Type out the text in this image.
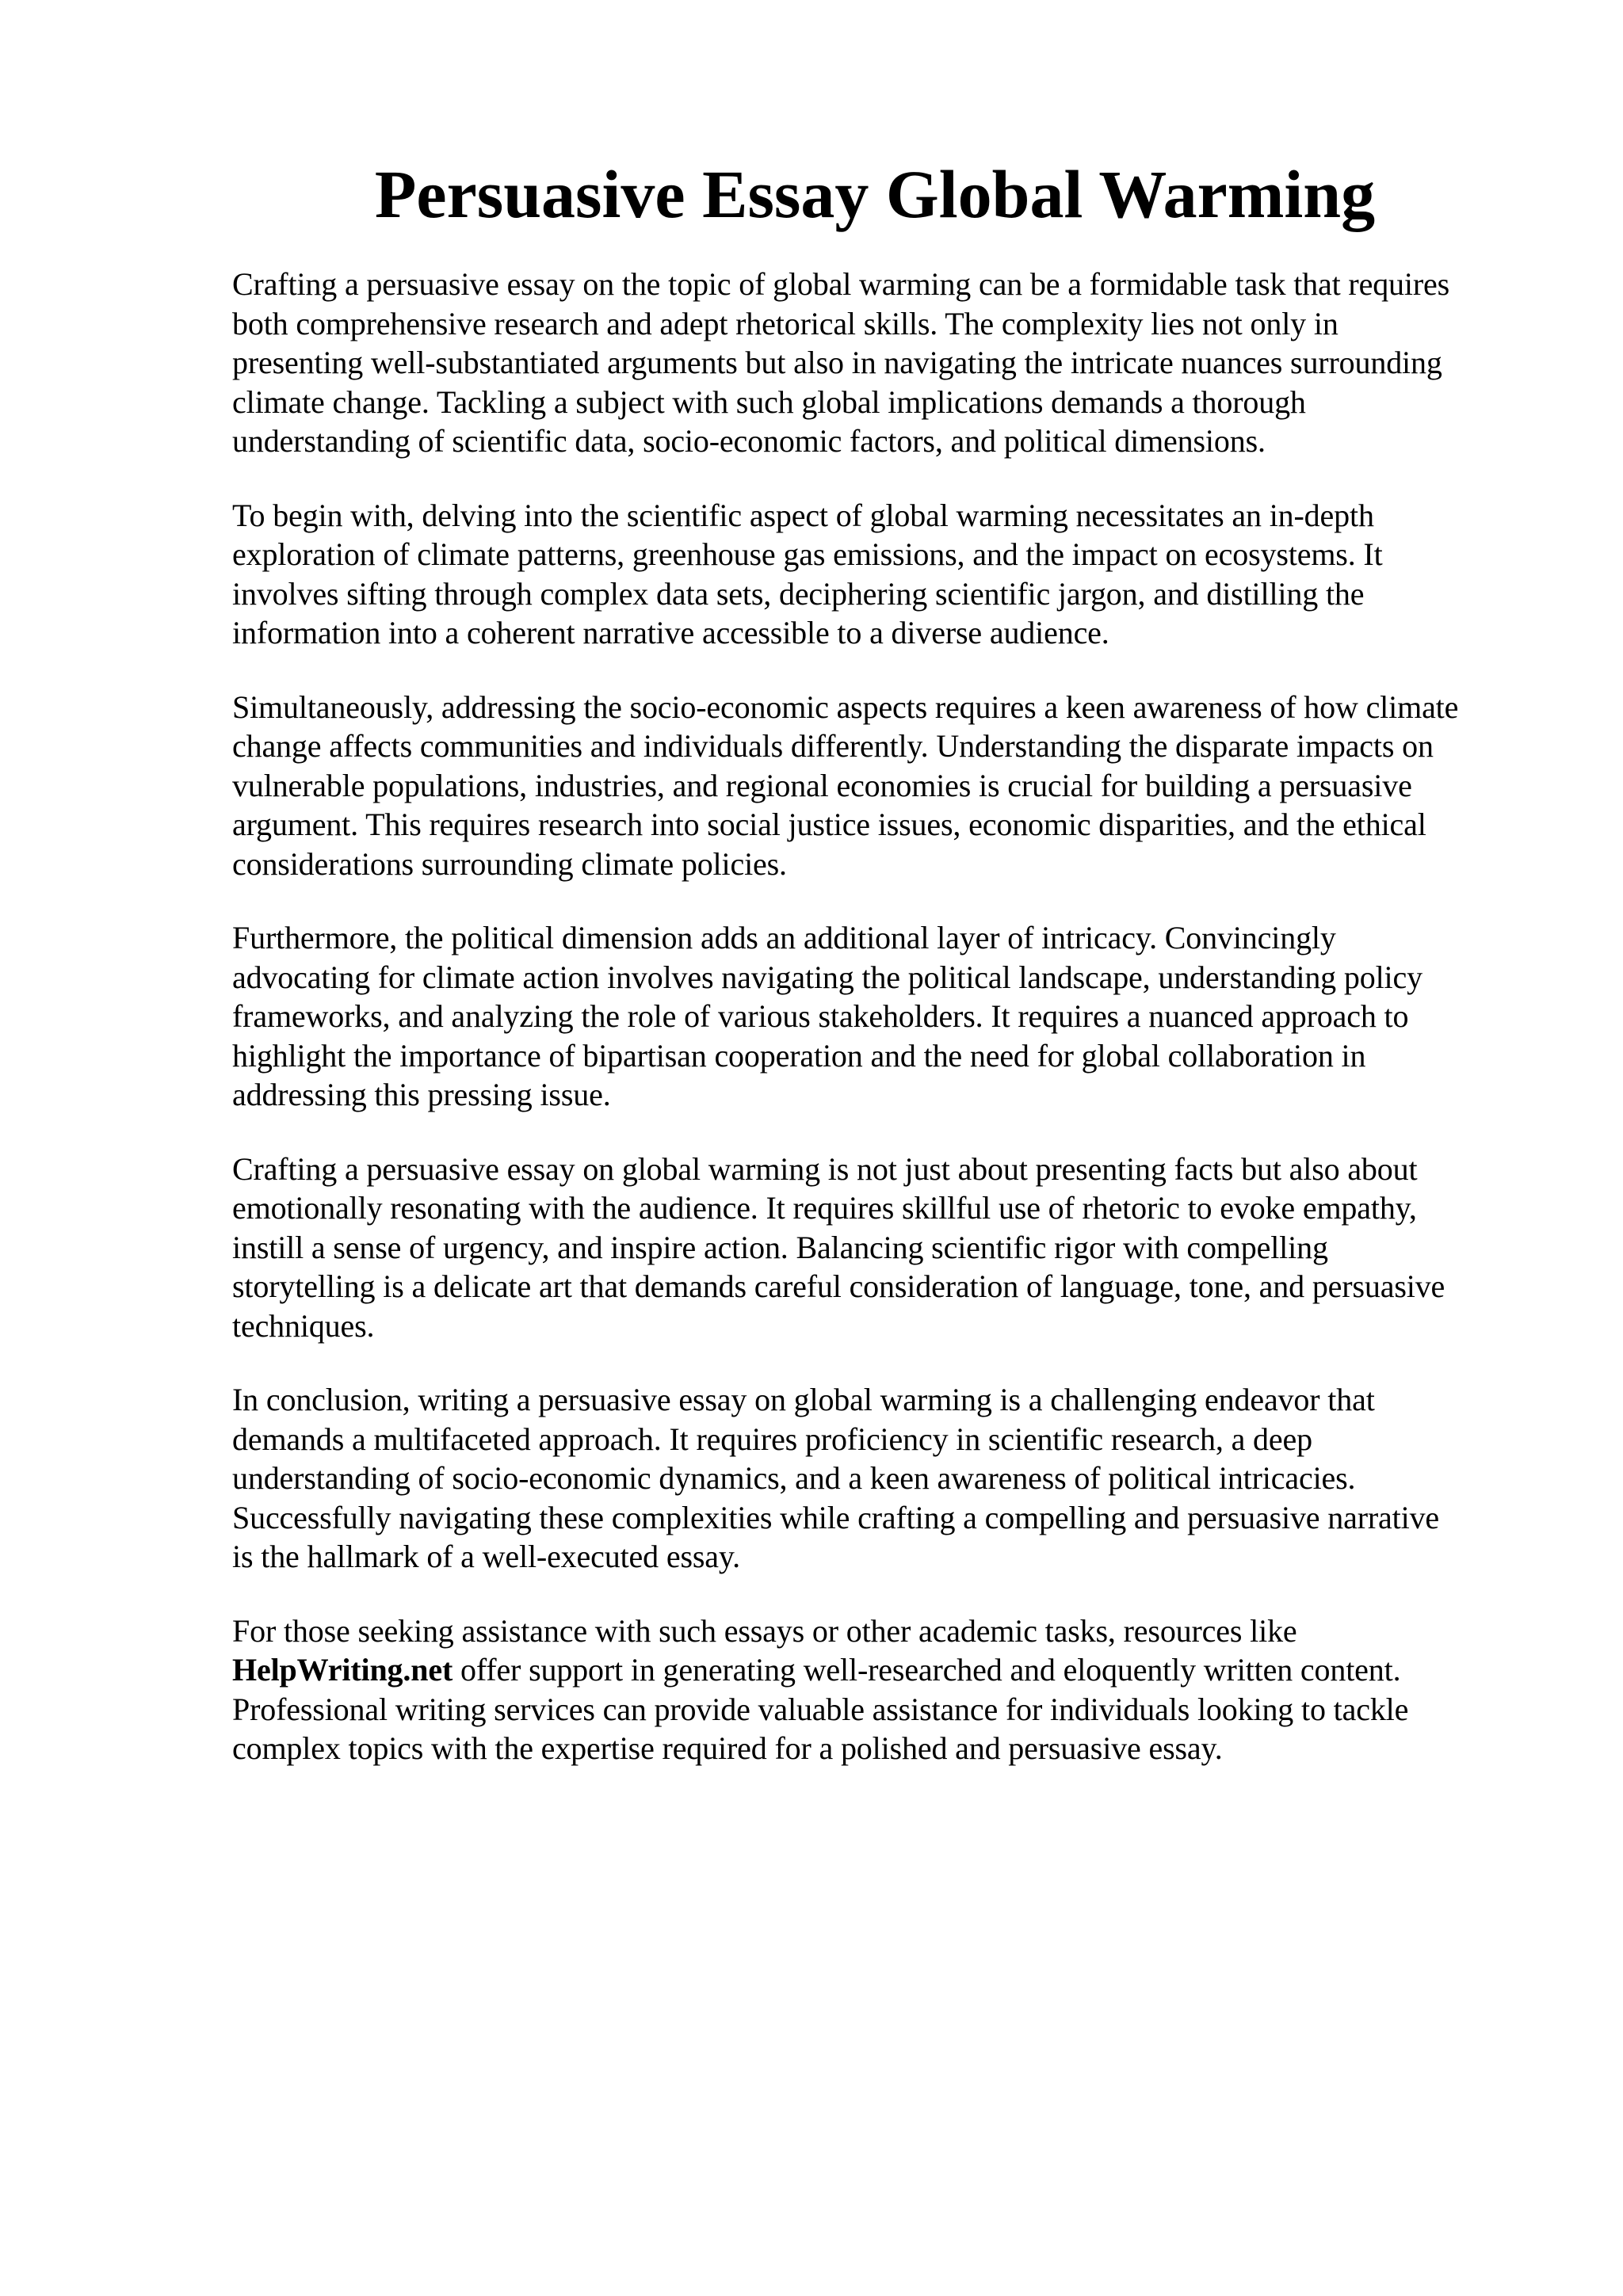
Persuasive Essay Global Warming

Crafting a persuasive essay on the topic of global warming can be a formidable task that requires
both comprehensive research and adept rhetorical skills. The complexity lies not only in
presenting well-substantiated arguments but also in navigating the intricate nuances surrounding
climate change. Tackling a subject with such global implications demands a thorough
understanding of scientific data, socio-economic factors, and political dimensions.

To begin with, delving into the scientific aspect of global warming necessitates an in-depth
exploration of climate patterns, greenhouse gas emissions, and the impact on ecosystems. It
involves sifting through complex data sets, deciphering scientific jargon, and distilling the
information into a coherent narrative accessible to a diverse audience.

Simultaneously, addressing the socio-economic aspects requires a keen awareness of how climate
change affects communities and individuals differently. Understanding the disparate impacts on
vulnerable populations, industries, and regional economies is crucial for building a persuasive
argument. This requires research into social justice issues, economic disparities, and the ethical
considerations surrounding climate policies.

Furthermore, the political dimension adds an additional layer of intricacy. Convincingly
advocating for climate action involves navigating the political landscape, understanding policy
frameworks, and analyzing the role of various stakeholders. It requires a nuanced approach to
highlight the importance of bipartisan cooperation and the need for global collaboration in
addressing this pressing issue.

Crafting a persuasive essay on global warming is not just about presenting facts but also about
emotionally resonating with the audience. It requires skillful use of rhetoric to evoke empathy,
instill a sense of urgency, and inspire action. Balancing scientific rigor with compelling
storytelling is a delicate art that demands careful consideration of language, tone, and persuasive
techniques.

In conclusion, writing a persuasive essay on global warming is a challenging endeavor that
demands a multifaceted approach. It requires proficiency in scientific research, a deep
understanding of socio-economic dynamics, and a keen awareness of political intricacies.
Successfully navigating these complexities while crafting a compelling and persuasive narrative
is the hallmark of a well-executed essay.

For those seeking assistance with such essays or other academic tasks, resources like
HelpWriting.net offer support in generating well-researched and eloquently written content.
Professional writing services can provide valuable assistance for individuals looking to tackle
complex topics with the expertise required for a polished and persuasive essay.
